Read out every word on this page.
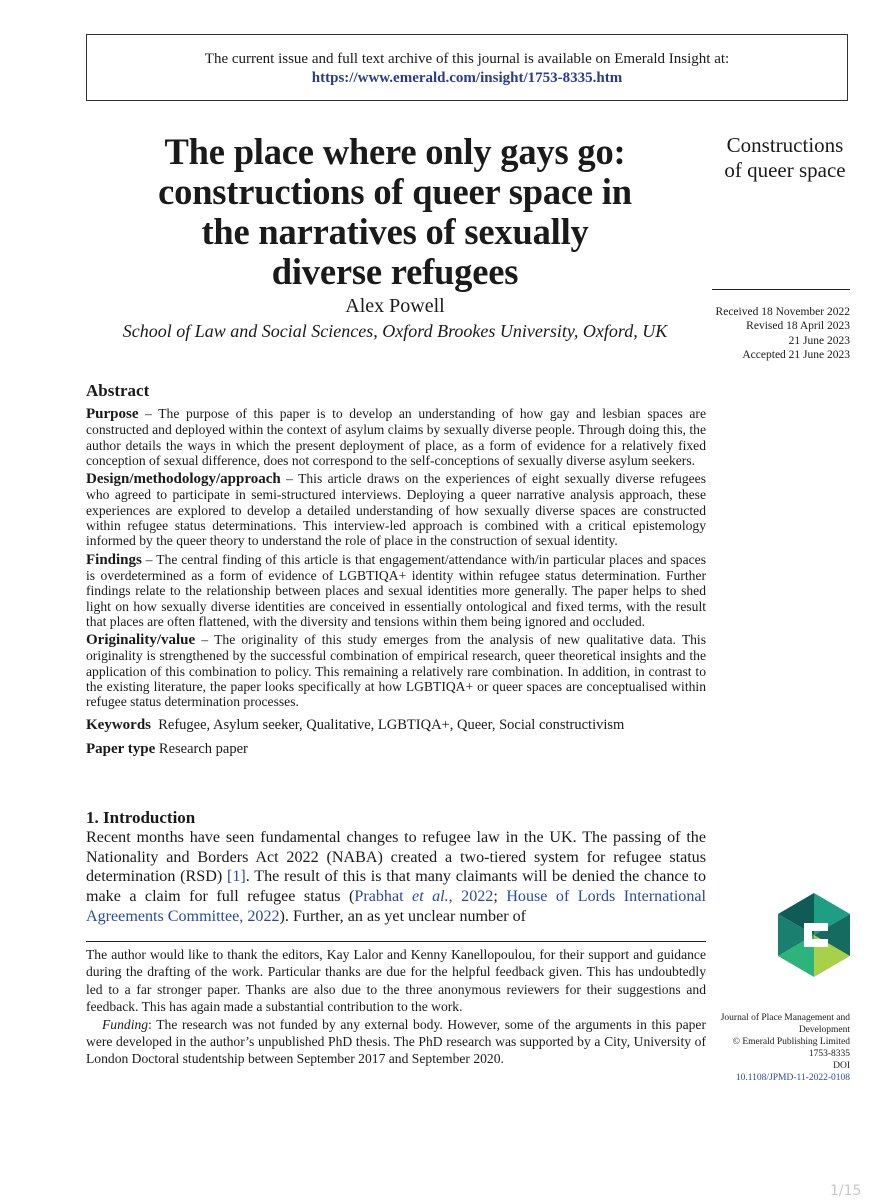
The current issue and full text archive of this journal is available on Emerald Insight at:
https://www.emerald.com/insight/1753-8335.htm
The place where only gays go:
constructions of queer space in
the narratives of sexually
diverse refugees
Alex Powell
School of Law and Social Sciences, Oxford Brookes University, Oxford, UK
Constructions
of queer space
Received 18 November 2022
Revised 18 April 2023
21 June 2023
Accepted 21 June 2023
Abstract

Purpose – The purpose of this paper is to develop an understanding of how gay and lesbian spaces are constructed and deployed within the context of asylum claims by sexually diverse people. Through doing this, the author details the ways in which the present deployment of place, as a form of evidence for a relatively fixed conception of sexual difference, does not correspond to the self-conceptions of sexually diverse asylum seekers.

Design/methodology/approach – This article draws on the experiences of eight sexually diverse refugees who agreed to participate in semi-structured interviews. Deploying a queer narrative analysis approach, these experiences are explored to develop a detailed understanding of how sexually diverse spaces are constructed within refugee status determinations. This interview-led approach is combined with a critical epistemology informed by the queer theory to understand the role of place in the construction of sexual identity.

Findings – The central finding of this article is that engagement/attendance with/in particular places and spaces is overdetermined as a form of evidence of LGBTIQA+ identity within refugee status determination. Further findings relate to the relationship between places and sexual identities more generally. The paper helps to shed light on how sexually diverse identities are conceived in essentially ontological and fixed terms, with the result that places are often flattened, with the diversity and tensions within them being ignored and occluded.

Originality/value – The originality of this study emerges from the analysis of new qualitative data. This originality is strengthened by the successful combination of empirical research, queer theoretical insights and the application of this combination to policy. This remaining a relatively rare combination. In addition, in contrast to the existing literature, the paper looks specifically at how LGBTIQA+ or queer spaces are conceptualised within refugee status determination processes.

Keywords Refugee, Asylum seeker, Qualitative, LGBTIQA+, Queer, Social constructivism

Paper type Research paper

1. Introduction

Recent months have seen fundamental changes to refugee law in the UK. The passing of the Nationality and Borders Act 2022 (NABA) created a two-tiered system for refugee status determination (RSD) [1]. The result of this is that many claimants will be denied the chance to make a claim for full refugee status (Prabhat et al., 2022; House of Lords International Agreements Committee, 2022). Further, an as yet unclear number of

The author would like to thank the editors, Kay Lalor and Kenny Kanellopoulou, for their support and guidance during the drafting of the work. Particular thanks are due for the helpful feedback given. This has undoubtedly led to a far stronger paper. Thanks are also due to the three anonymous reviewers for their suggestions and feedback. This has again made a substantial contribution to the work.

Funding: The research was not funded by any external body. However, some of the arguments in this paper were developed in the author’s unpublished PhD thesis. The PhD research was supported by a City, University of London Doctoral studentship between September 2017 and September 2020.

Journal of Place Management and
Development
© Emerald Publishing Limited
1753-8335
DOI
10.1108/JPMD-11-2022-0108
1/15
